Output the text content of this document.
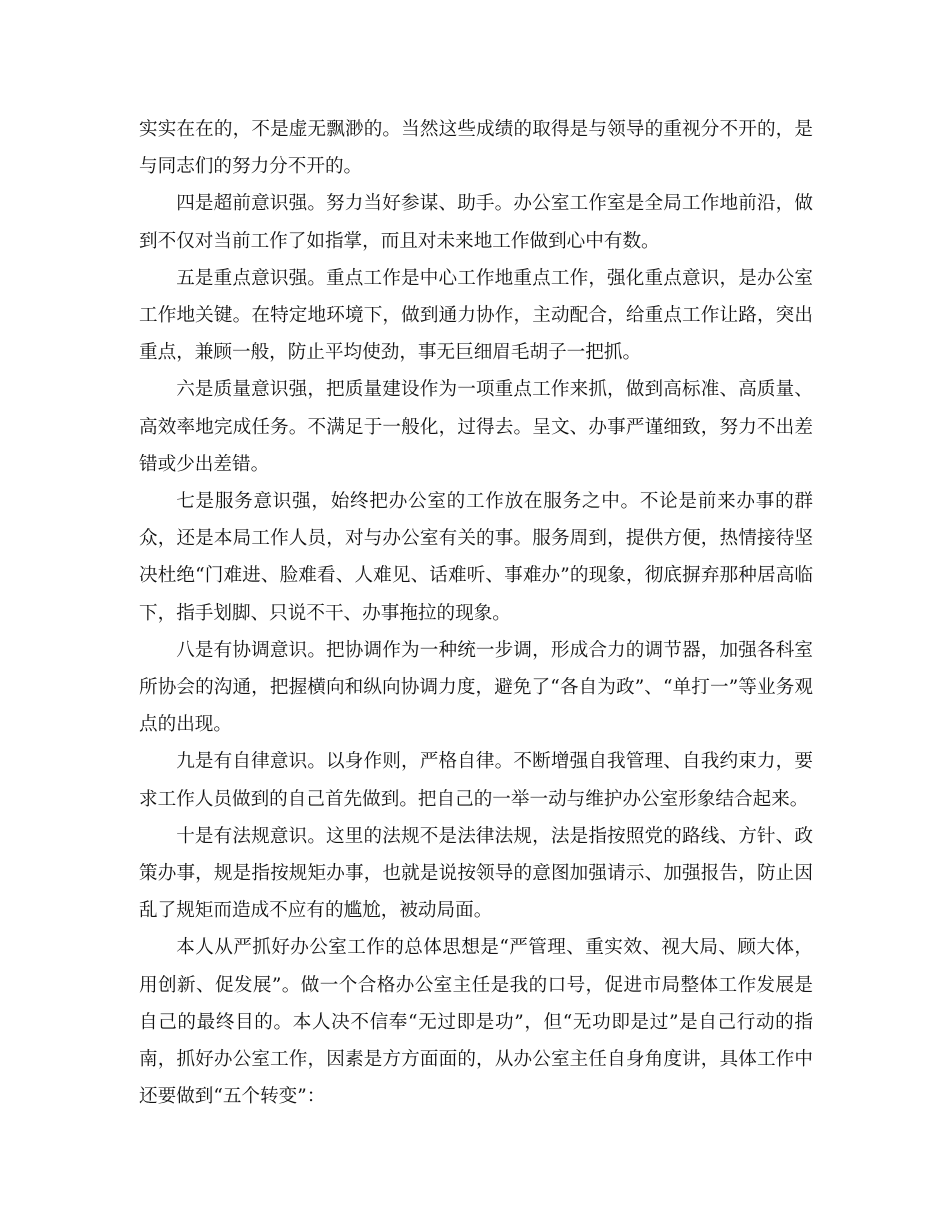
实实在在的，不是虚无飘渺的。当然这些成绩的取得是与领导的重视分不开的，是与同志们的努力分不开的。

四是超前意识强。努力当好参谋、助手。办公室工作室是全局工作地前沿，做到不仅对当前工作了如指掌，而且对未来地工作做到心中有数。

五是重点意识强。重点工作是中心工作地重点工作，强化重点意识，是办公室工作地关键。在特定地环境下，做到通力协作，主动配合，给重点工作让路，突出重点，兼顾一般，防止平均使劲，事无巨细眉毛胡子一把抓。

六是质量意识强，把质量建设作为一项重点工作来抓，做到高标准、高质量、高效率地完成任务。不满足于一般化，过得去。呈文、办事严谨细致，努力不出差错或少出差错。

七是服务意识强，始终把办公室的工作放在服务之中。不论是前来办事的群众，还是本局工作人员，对与办公室有关的事。服务周到，提供方便，热情接待坚决杜绝“门难进、脸难看、人难见、话难听、事难办”的现象，彻底摒弃那种居高临下，指手划脚、只说不干、办事拖拉的现象。

八是有协调意识。把协调作为一种统一步调，形成合力的调节器，加强各科室所协会的沟通，把握横向和纵向协调力度，避免了“各自为政”、“单打一”等业务观点的出现。

九是有自律意识。以身作则，严格自律。不断增强自我管理、自我约束力，要求工作人员做到的自己首先做到。把自己的一举一动与维护办公室形象结合起来。

十是有法规意识。这里的法规不是法律法规，法是指按照党的路线、方针、政策办事，规是指按规矩办事，也就是说按领导的意图加强请示、加强报告，防止因乱了规矩而造成不应有的尴尬，被动局面。

本人从严抓好办公室工作的总体思想是“严管理、重实效、视大局、顾大体，用创新、促发展”。做一个合格办公室主任是我的口号，促进市局整体工作发展是自己的最终目的。本人决不信奉“无过即是功”，但“无功即是过”是自己行动的指南，抓好办公室工作，因素是方方面面的，从办公室主任自身角度讲，具体工作中还要做到“五个转变”：
